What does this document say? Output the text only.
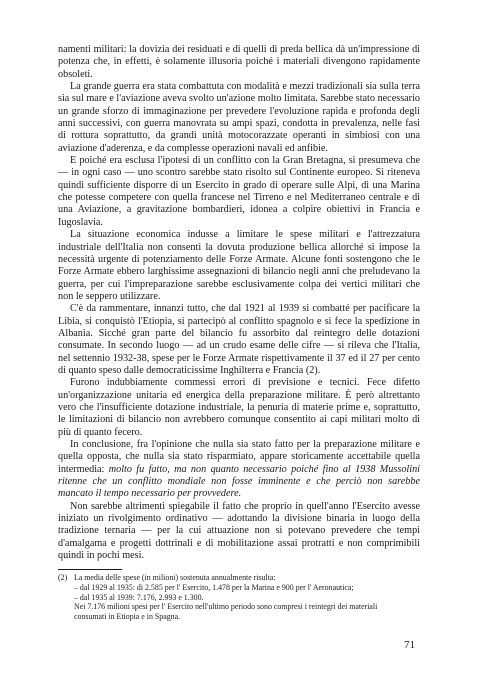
namenti militari: la dovizia dei residuati e di quelli di preda bellica dà un'impressione di potenza che, in effetti, è solamente illusoria poiché i materiali divengono rapidamente obsoleti.

La grande guerra era stata combattuta con modalità e mezzi tradizionali sia sulla terra sia sul mare e l'aviazione aveva svolto un'azione molto limitata. Sarebbe stato necessario un grande sforzo di immaginazione per prevedere l'evoluzione rapida e profonda degli anni successivi, con guerra manovrata su ampi spazi, condotta in prevalenza, nelle fasi di rottura soprattutto, da grandi unità motocorazzate operanti in simbiosi con una aviazione d'aderenza, e da complesse operazioni navali ed anfibie.

E poiché era esclusa l'ipotesi di un conflitto con la Gran Bretagna, si presumeva che — in ogni caso — uno scontro sarebbe stato risolto sul Continente europeo. Si riteneva quindi sufficiente disporre di un Esercito in grado di operare sulle Alpi, di una Marina che potesse competere con quella francese nel Tirreno e nel Mediterraneo centrale e di una Aviazione, a gravitazione bombardieri, idonea a colpire obiettivi in Francia e Iugoslavia.

La situazione economica indusse a limitare le spese militari e l'attrezzatura industriale dell'Italia non consentì la dovuta produzione bellica allorché si impose la necessità urgente di potenziamento delle Forze Armate. Alcune fonti sostengono che le Forze Armate ebbero larghissime assegnazioni di bilancio negli anni che preludevano la guerra, per cui l'impreparazione sarebbe esclusivamente colpa dei vertici militari che non le seppero utilizzare.

C'è da rammentare, innanzi tutto, che dal 1921 al 1939 si combatté per pacificare la Libia, si conquistò l'Etiopia, si partecipò al conflitto spagnolo e si fece la spedizione in Albania. Sicché gran parte del bilancio fu assorbito dal reintegro delle dotazioni consumate. In secondo luogo — ad un crudo esame delle cifre — si rileva che l'Italia, nel settennio 1932-38, spese per le Forze Armate rispettivamente il 37 ed il 27 per cento di quanto speso dalle democraticissime Inghilterra e Francia (2).

Furono indubbiamente commessi errori di previsione e tecnici. Fece difetto un'organizzazione unitaria ed energica della preparazione militare. È però altrettanto vero che l'insufficiente dotazione industriale, la penuria di materie prime e, soprattutto, le limitazioni di bilancio non avrebbero comunque consentito ai capi militari molto di più di quanto fecero.

In conclusione, fra l'opinione che nulla sia stato fatto per la preparazione militare e quella opposta, che nulla sia stato risparmiato, appare storicamente accettabile quella intermedia: molto fu fatto, ma non quanto necessario poiché fino al 1938 Mussolini ritenne che un conflitto mondiale non fosse imminente e che perciò non sarebbe mancato il tempo necessario per provvedere.

Non sarebbe altrimenti spiegabile il fatto che proprio in quell'anno l'Esercito avesse iniziato un rivolgimento ordinativo — adottando la divisione binaria in luogo della tradizione ternaria — per la cui attuazione non si potevano prevedere che tempi d'amalgama e progetti dottrinali e di mobilitazione assai protratti e non comprimibili quindi in pochi mesi.

(2) La media delle spese (in milioni) sostenuta annualmente risulta:
– dal 1929 al 1935: di 2.585 per l' Esercito, 1.478 per la Marina e 900 per l' Aeronautica;
– dal 1935 al 1939: 7.176, 2.993 e 1.300.
Nei 7.176 milioni spesi per l' Esercito nell'ultimo periodo sono compresi i reintegri dei materiali
consumati in Etiopia e in Spagna.
71
